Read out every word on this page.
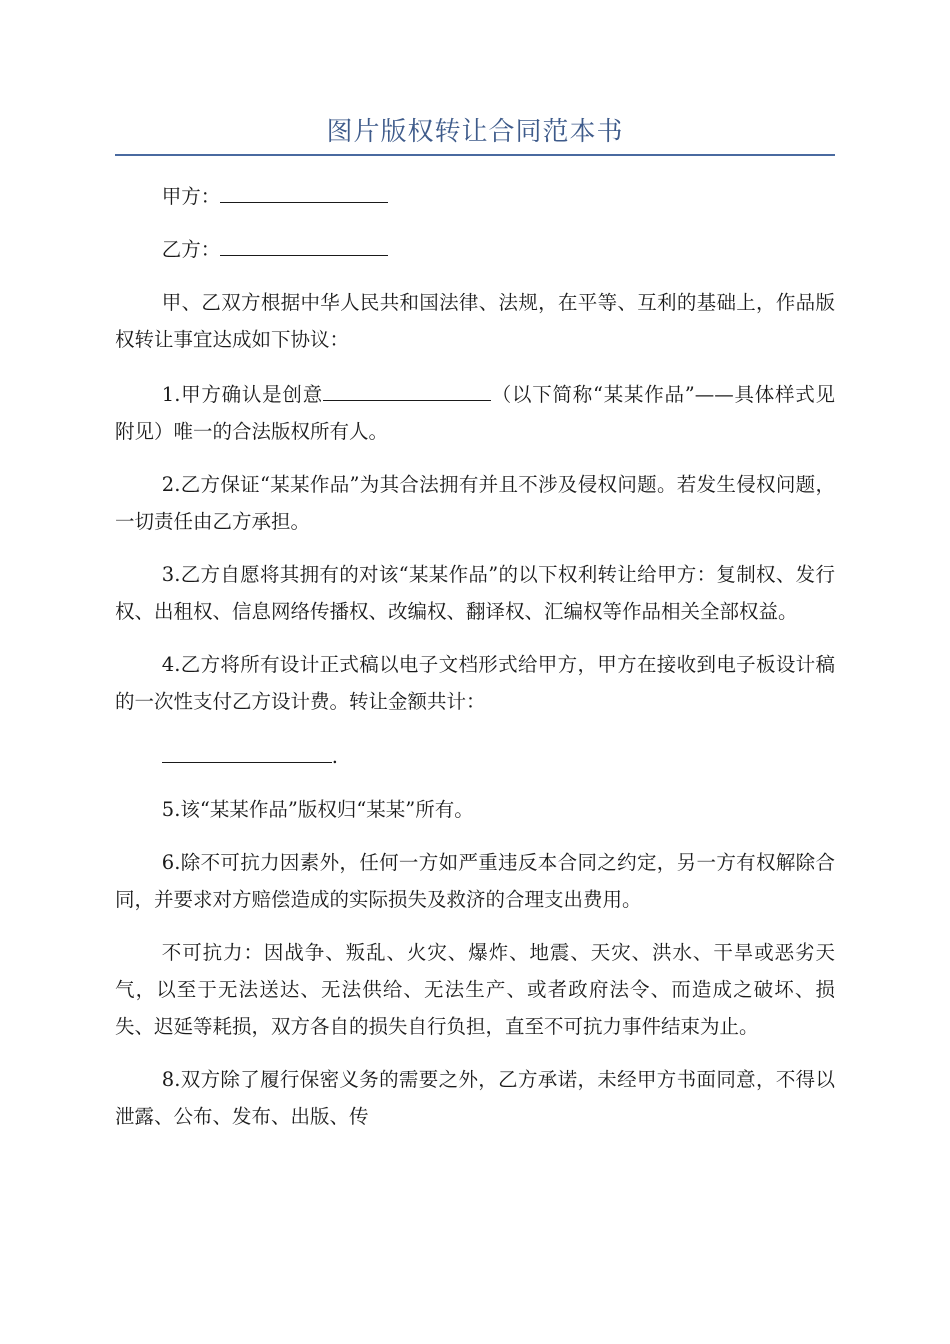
图片版权转让合同范本书

甲方：

乙方：

甲、乙双方根据中华人民共和国法律、法规，在平等、互利的基础上，作品版权转让事宜达成如下协议：

1.甲方确认是创意	（以下简称“某某作品”——具体样式见附见）唯一的合法版权所有人。

2.乙方保证“某某作品”为其合法拥有并且不涉及侵权问题。若发生侵权问题，一切责任由乙方承担。

3.乙方自愿将其拥有的对该“某某作品”的以下权利转让给甲方：复制权、发行权、出租权、信息网络传播权、改编权、翻译权、汇编权等作品相关全部权益。

4.乙方将所有设计正式稿以电子文档形式给甲方，甲方在接收到电子板设计稿的一次性支付乙方设计费。转让金额共计：

.

5.该“某某作品”版权归“某某”所有。

6.除不可抗力因素外，任何一方如严重违反本合同之约定，另一方有权解除合同，并要求对方赔偿造成的实际损失及救济的合理支出费用。

不可抗力：因战争、叛乱、火灾、爆炸、地震、天灾、洪水、干旱或恶劣天气，以至于无法送达、无法供给、无法生产、或者政府法令、而造成之破坏、损失、迟延等耗损，双方各自的损失自行负担，直至不可抗力事件结束为止。

8.双方除了履行保密义务的需要之外，乙方承诺，未经甲方书面同意，不得以泄露、公布、发布、出版、传
